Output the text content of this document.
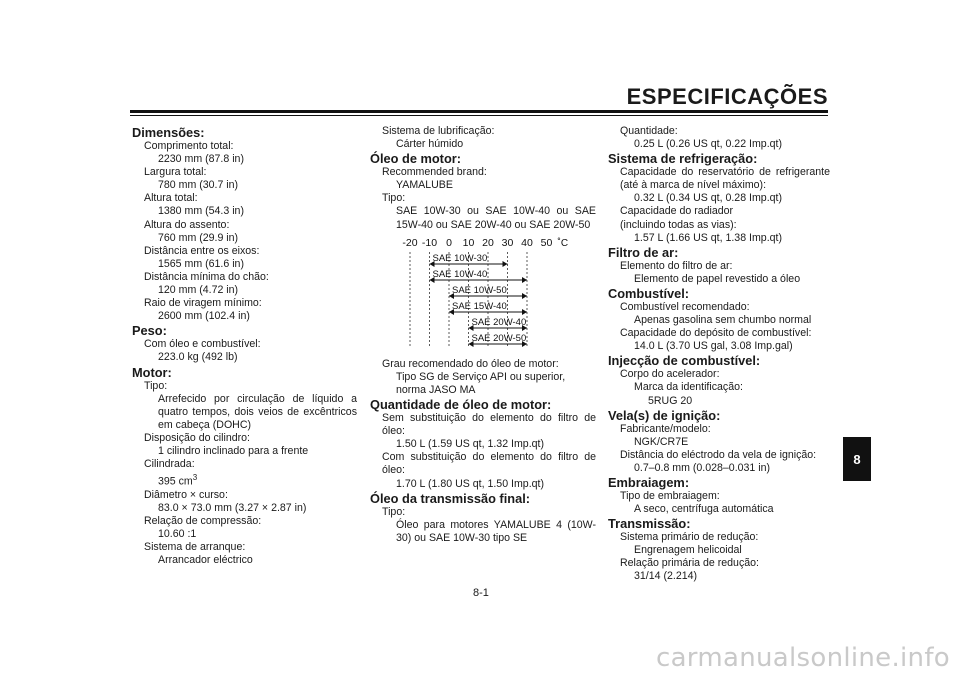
ESPECIFICAÇÕES
8
Dimensões:
Comprimento total:
2230 mm (87.8 in)
Largura total:
780 mm (30.7 in)
Altura total:
1380 mm (54.3 in)
Altura do assento:
760 mm (29.9 in)
Distância entre os eixos:
1565 mm (61.6 in)
Distância mínima do chão:
120 mm (4.72 in)
Raio de viragem mínimo:
2600 mm (102.4 in)
Peso:
Com óleo e combustível:
223.0 kg (492 lb)
Motor:
Tipo:
Arrefecido por circulação de líquido a quatro tempos, dois veios de excêntricos em cabeça (DOHC)
Disposição do cilindro:
1 cilindro inclinado para a frente
Cilindrada:
395 $cm^3$
Diâmetro × curso:
83.0 × 73.0 mm (3.27 × 2.87 in)
Relação de compressão:
10.60 :1
Sistema de arranque:
Arrancador eléctrico
Sistema de lubrificação:
Cárter húmido
Óleo de motor:
Recommended brand:
YAMALUBE
Tipo:
SAE 10W-30 ou SAE 10W-40 ou SAE 15W-40 ou SAE 20W-40 ou SAE 20W-50
-20 -10 0 10 20 30 40 50 ˚C
SAE 10W-30
SAE 10W-40
SAE 10W-50
SAE 15W-40
SAE 20W-40
SAE 20W-50
Grau recomendado do óleo de motor:
Tipo SG de Serviço API ou superior, norma JASO MA
Quantidade de óleo de motor:
Sem substituição do elemento do filtro de óleo:
1.50 L (1.59 US qt, 1.32 Imp.qt)
Com substituição do elemento do filtro de óleo:
1.70 L (1.80 US qt, 1.50 Imp.qt)
Óleo da transmissão final:
Tipo:
Óleo para motores YAMALUBE 4 (10W-30) ou SAE 10W-30 tipo SE
Quantidade:
0.25 L (0.26 US qt, 0.22 Imp.qt)
Sistema de refrigeração:
Capacidade do reservatório de refrigerante (até à marca de nível máximo):
0.32 L (0.34 US qt, 0.28 Imp.qt)
Capacidade do radiador
(incluindo todas as vias):
1.57 L (1.66 US qt, 1.38 Imp.qt)
Filtro de ar:
Elemento do filtro de ar:
Elemento de papel revestido a óleo
Combustível:
Combustível recomendado:
Apenas gasolina sem chumbo normal
Capacidade do depósito de combustível:
14.0 L (3.70 US gal, 3.08 Imp.gal)
Injecção de combustível:
Corpo do acelerador:
Marca da identificação:
5RUG 20
Vela(s) de ignição:
Fabricante/modelo:
NGK/CR7E
Distância do eléctrodo da vela de ignição:
0.7–0.8 mm (0.028–0.031 in)
Embraiagem:
Tipo de embraiagem:
A seco, centrífuga automática
Transmissão:
Sistema primário de redução:
Engrenagem helicoidal
Relação primária de redução:
31/14 (2.214)
8-1
carmanualsonline.info
